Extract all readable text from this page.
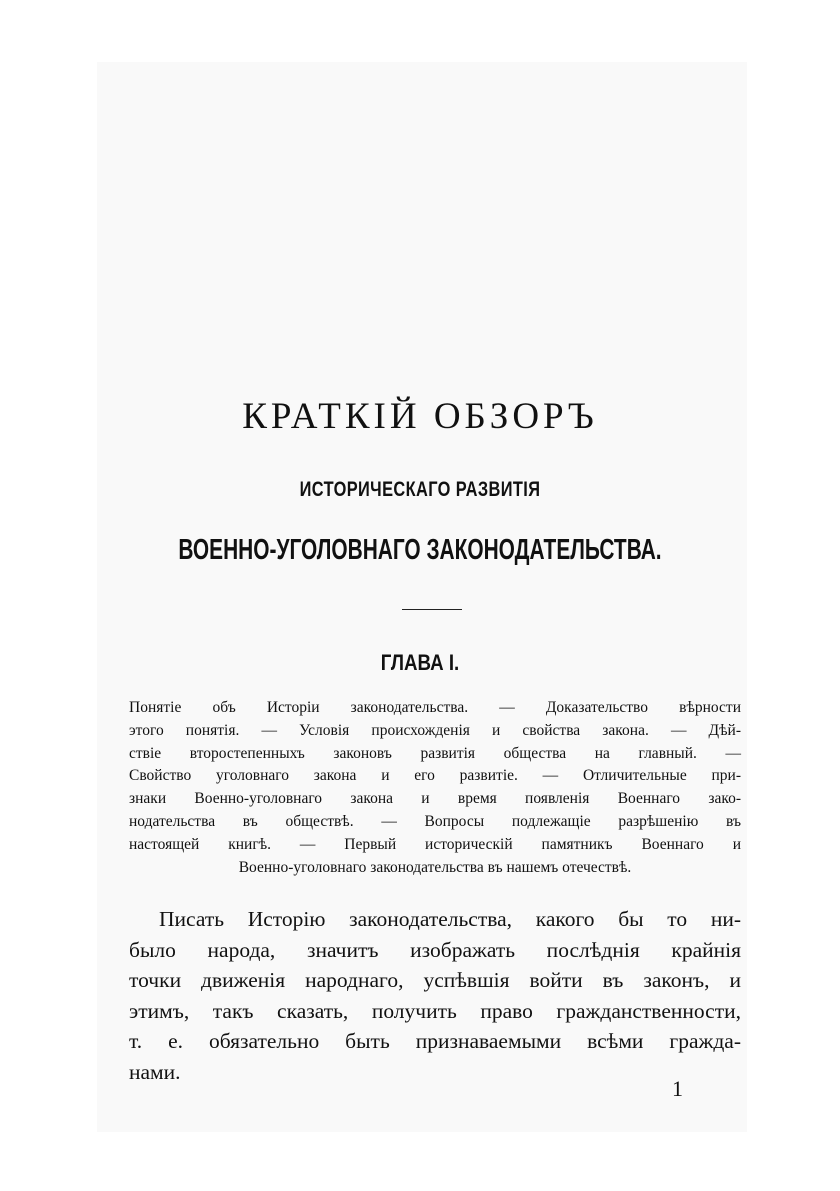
КРАТКІЙ ОБЗОРЪ
ИСТОРИЧЕСКАГО РАЗВИТІЯ
ВОЕННО-УГОЛОВНАГО ЗАКОНОДАТЕЛЬСТВА.
ГЛАВА I.
Понятіе объ Исторіи законодательства. — Доказательство вѣрности
этого понятія. — Условія происхожденія и свойства закона. — Дѣй-
ствіе второстепенныхъ законовъ развитія общества на главный. —
Свойство уголовнаго закона и его развитіе. — Отличительные при-
знаки Военно-уголовнаго закона и время появленія Военнаго зако-
нодательства въ обществѣ. — Вопросы подлежащіе разрѣшенію въ
настоящей книгѣ. — Первый историческій памятникъ Военнаго и
Военно-уголовнаго законодательства въ нашемъ отечествѣ.
Писать Исторію законодательства, какого бы то ни-
было народа, значитъ изображать послѣднія крайнія
точки движенія народнаго, успѣвшія войти въ законъ, и
этимъ, такъ сказать, получить право гражданственности,
т. е. обязательно быть признаваемыми всѣми гражда-
нами.
1
